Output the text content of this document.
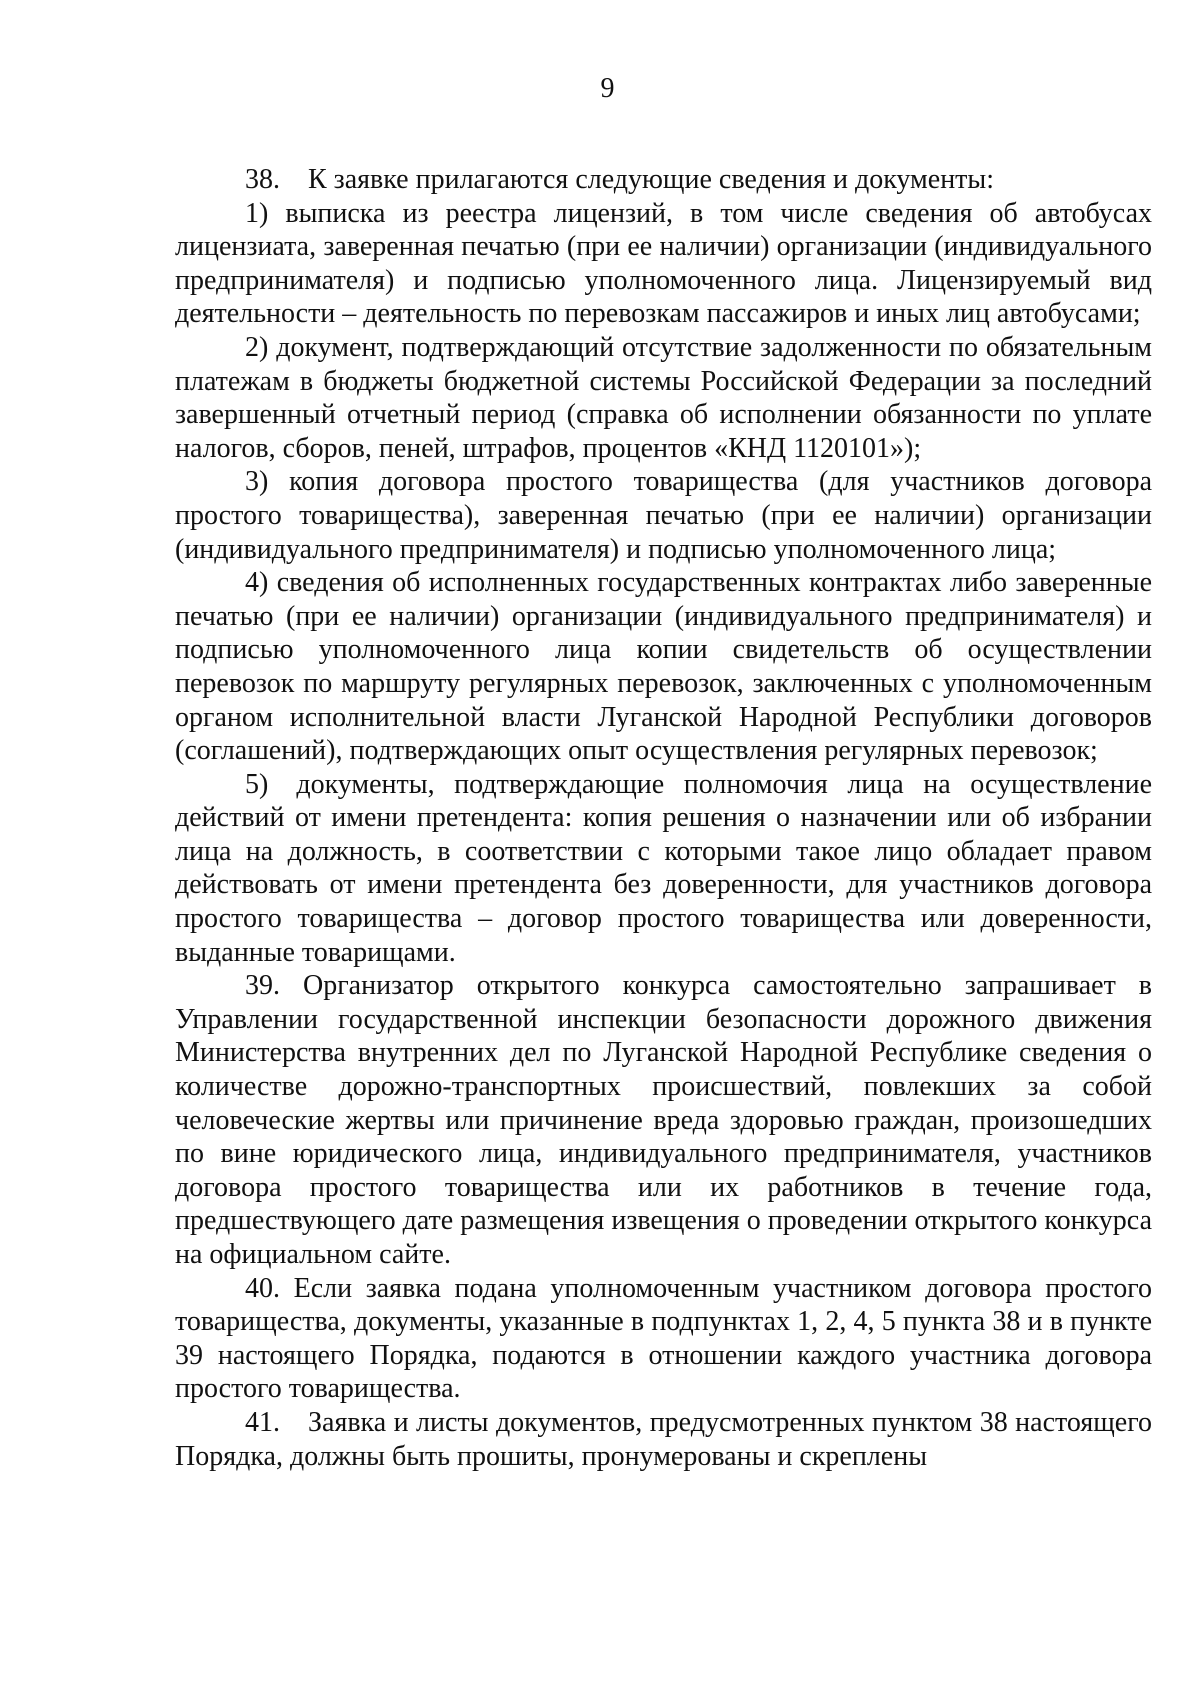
9

38. К заявке прилагаются следующие сведения и документы:

1) выписка из реестра лицензий, в том числе сведения об автобусах лицензиата, заверенная печатью (при ее наличии) организации (индивидуального предпринимателя) и подписью уполномоченного лица. Лицензируемый вид деятельности – деятельность по перевозкам пассажиров и иных лиц автобусами;

2) документ, подтверждающий отсутствие задолженности по обязательным платежам в бюджеты бюджетной системы Российской Федерации за последний завершенный отчетный период (справка об исполнении обязанности по уплате налогов, сборов, пеней, штрафов, процентов «КНД 1120101»);

3) копия договора простого товарищества (для участников договора простого товарищества), заверенная печатью (при ее наличии) организации (индивидуального предпринимателя) и подписью уполномоченного лица;

4) сведения об исполненных государственных контрактах либо заверенные печатью (при ее наличии) организации (индивидуального предпринимателя) и подписью уполномоченного лица копии свидетельств об осуществлении перевозок по маршруту регулярных перевозок, заключенных с уполномоченным органом исполнительной власти Луганской Народной Республики договоров (соглашений), подтверждающих опыт осуществления регулярных перевозок;

5) документы, подтверждающие полномочия лица на осуществление действий от имени претендента: копия решения о назначении или об избрании лица на должность, в соответствии с которыми такое лицо обладает правом действовать от имени претендента без доверенности, для участников договора простого товарищества – договор простого товарищества или доверенности, выданные товарищами.

39. Организатор открытого конкурса самостоятельно запрашивает в Управлении государственной инспекции безопасности дорожного движения Министерства внутренних дел по Луганской Народной Республике сведения о количестве дорожно-транспортных происшествий, повлекших за собой человеческие жертвы или причинение вреда здоровью граждан, произошедших по вине юридического лица, индивидуального предпринимателя, участников договора простого товарищества или их работников в течение года, предшествующего дате размещения извещения о проведении открытого конкурса на официальном сайте.

40. Если заявка подана уполномоченным участником договора простого товарищества, документы, указанные в подпунктах 1, 2, 4, 5 пункта 38 и в пункте 39 настоящего Порядка, подаются в отношении каждого участника договора простого товарищества.

41. Заявка и листы документов, предусмотренных пунктом 38 настоящего Порядка, должны быть прошиты, пронумерованы и скреплены
